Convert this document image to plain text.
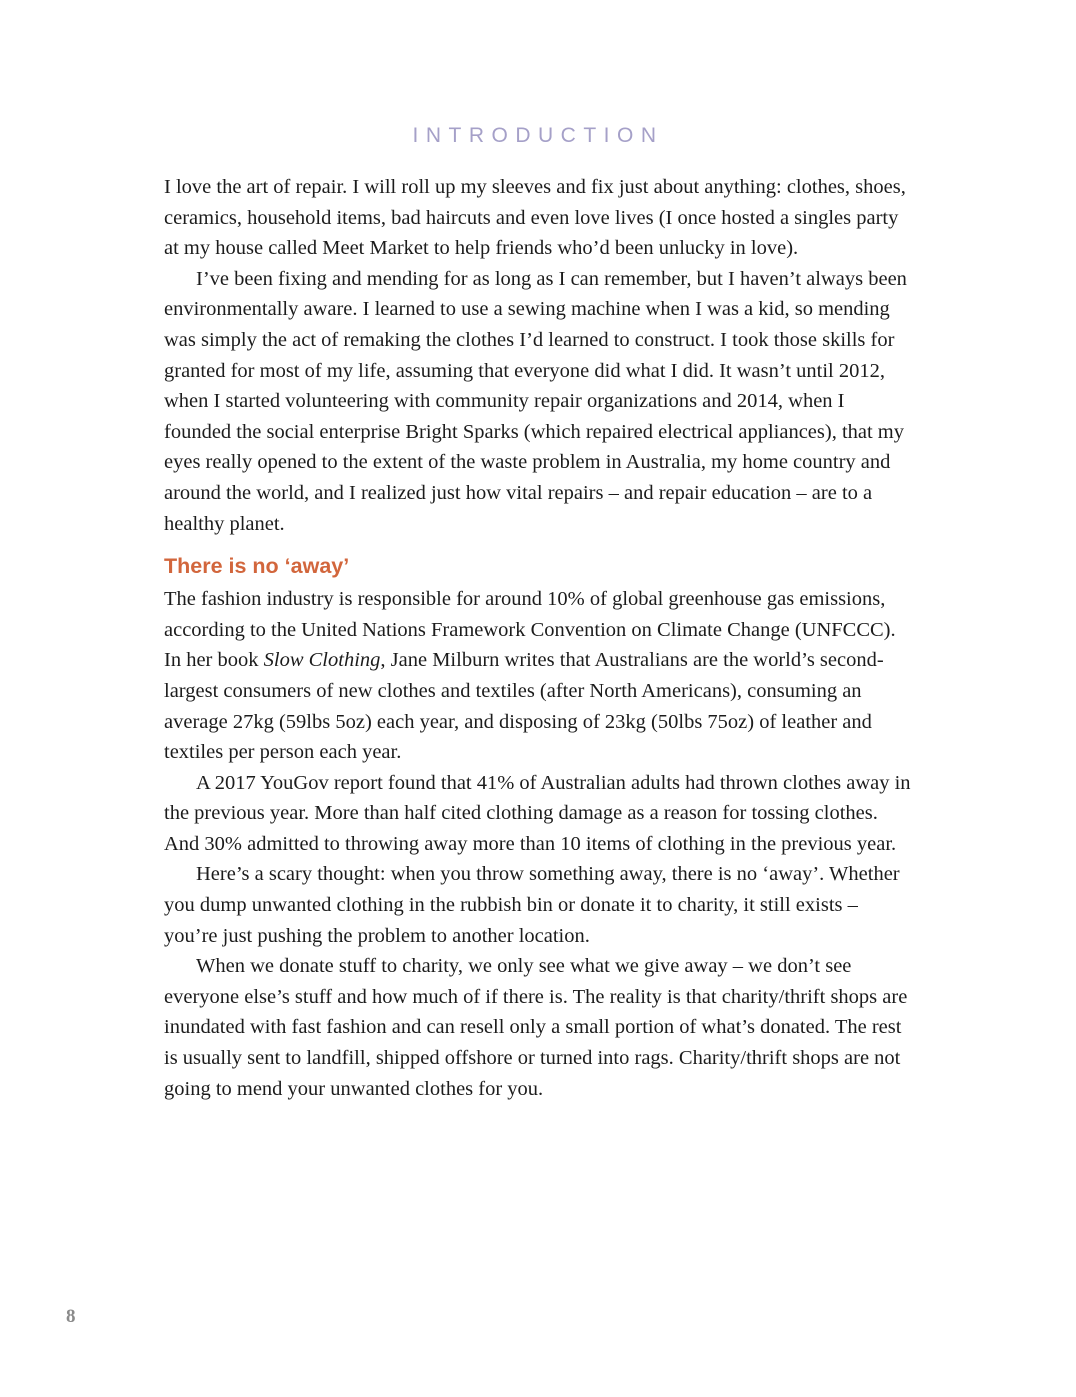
INTRODUCTION

I love the art of repair. I will roll up my sleeves and fix just about anything: clothes, shoes, ceramics, household items, bad haircuts and even love lives (I once hosted a singles party at my house called Meet Market to help friends who’d been unlucky in love).

I’ve been fixing and mending for as long as I can remember, but I haven’t always been environmentally aware. I learned to use a sewing machine when I was a kid, so mending was simply the act of remaking the clothes I’d learned to construct. I took those skills for granted for most of my life, assuming that everyone did what I did. It wasn’t until 2012, when I started volunteering with community repair organizations and 2014, when I founded the social enterprise Bright Sparks (which repaired electrical appliances), that my eyes really opened to the extent of the waste problem in Australia, my home country and around the world, and I realized just how vital repairs – and repair education – are to a healthy planet.

There is no ‘away’

The fashion industry is responsible for around 10% of global greenhouse gas emissions, according to the United Nations Framework Convention on Climate Change (UNFCCC). In her book Slow Clothing, Jane Milburn writes that Australians are the world’s second-largest consumers of new clothes and textiles (after North Americans), consuming an average 27kg (59lbs 5oz) each year, and disposing of 23kg (50lbs 75oz) of leather and textiles per person each year.

A 2017 YouGov report found that 41% of Australian adults had thrown clothes away in the previous year. More than half cited clothing damage as a reason for tossing clothes. And 30% admitted to throwing away more than 10 items of clothing in the previous year.

Here’s a scary thought: when you throw something away, there is no ‘away’. Whether you dump unwanted clothing in the rubbish bin or donate it to charity, it still exists – you’re just pushing the problem to another location.

When we donate stuff to charity, we only see what we give away – we don’t see everyone else’s stuff and how much of if there is. The reality is that charity/thrift shops are inundated with fast fashion and can resell only a small portion of what’s donated. The rest is usually sent to landfill, shipped offshore or turned into rags. Charity/thrift shops are not going to mend your unwanted clothes for you.

8
